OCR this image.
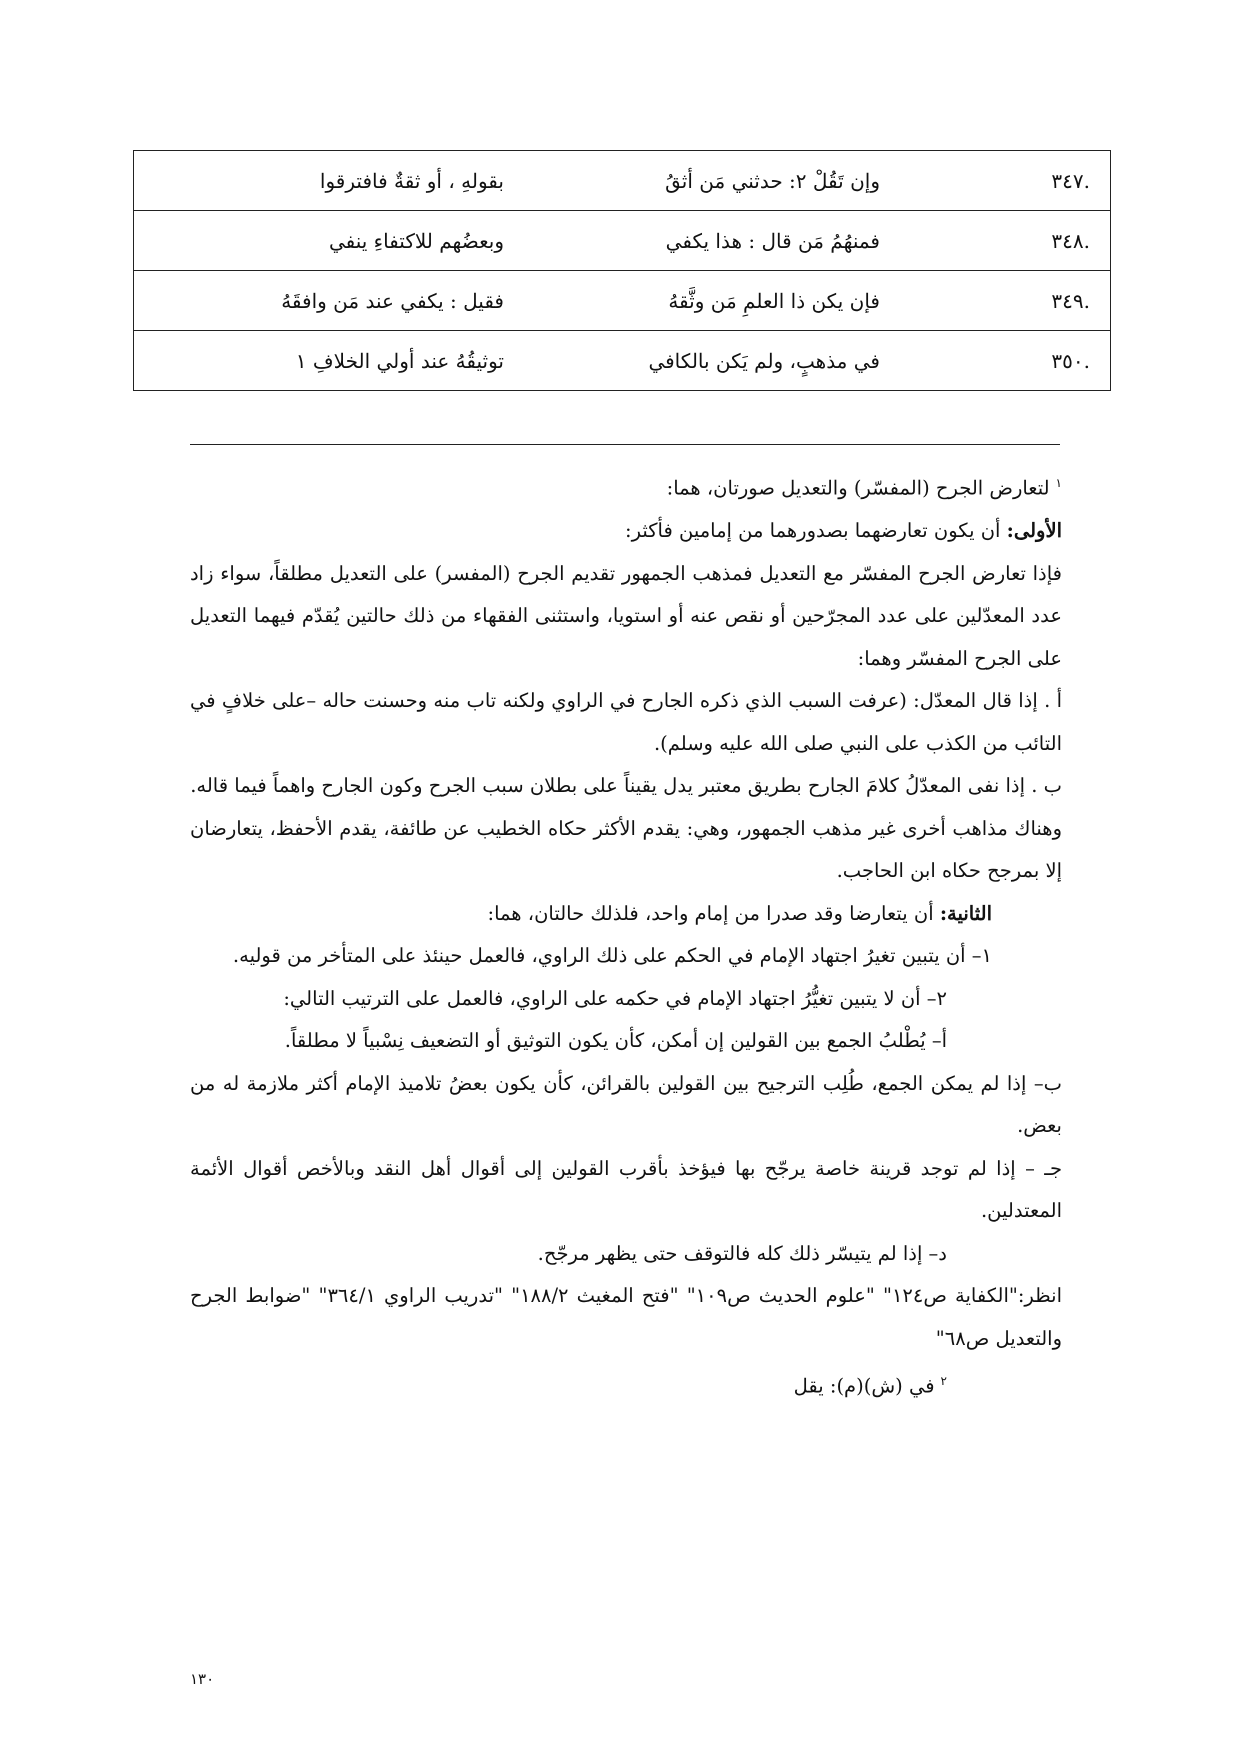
.٣٤٧	وإن تَقُلْ ٢: حدثني مَن أثقُ	بقولهِ ، أو ثقةٌ فافترقوا
.٣٤٨	فمنهُمُ مَن قال : هذا يكفي	وبعضُهم للاكتفاءِ ينفي
.٣٤٩	فإن يكن ذا العلمِ مَن وثَّقهُ	فقيل : يكفي عند مَن وافقَهُ
.٣٥٠	في مذهبٍ، ولم يَكن بالكافي	توثيقُهُ عند أولي الخلافِ ١

$^١$لتعارض الجرح (المفسّر) والتعديل صورتان، هما:

الأولى: أن يكون تعارضهما بصدورهما من إمامين فأكثر:

فإذا تعارض الجرح المفسّر مع التعديل فمذهب الجمهور تقديم الجرح (المفسر) على التعديل مطلقاً، سواء زاد عدد المعدّلين على عدد المجرّحين أو نقص عنه أو استويا، واستثنى الفقهاء من ذلك حالتين يُقدّم فيهما التعديل على الجرح المفسّر وهما:

أ . إذا قال المعدّل: (عرفت السبب الذي ذكره الجارح في الراوي ولكنه تاب منه وحسنت حاله –على خلافٍ في التائب من الكذب على النبي صلى الله عليه وسلم).

ب . إذا نفى المعدّلُ كلامَ الجارح بطريق معتبر يدل يقيناً على بطلان سبب الجرح وكون الجارح واهماً فيما قاله.

وهناك مذاهب أخرى غير مذهب الجمهور، وهي: يقدم الأكثر حكاه الخطيب عن طائفة، يقدم الأحفظ، يتعارضان إلا بمرجح حكاه ابن الحاجب.

الثانية: أن يتعارضا وقد صدرا من إمام واحد، فلذلك حالتان، هما:

١– أن يتبين تغيرُ اجتهاد الإمام في الحكم على ذلك الراوي، فالعمل حينئذ على المتأخر من قوليه.

٢– أن لا يتبين تغيُّرُ اجتهاد الإمام في حكمه على الراوي، فالعمل على الترتيب التالي:

أ– يُطْلبُ الجمع بين القولين إن أمكن، كأن يكون التوثيق أو التضعيف نِسْبياً لا مطلقاً.

ب– إذا لم يمكن الجمع، طُلِب الترجيح بين القولين بالقرائن، كأن يكون بعضُ تلاميذ الإمام أكثر ملازمة له من بعض.

جـ – إذا لم توجد قرينة خاصة يرجّح بها فيؤخذ بأقرب القولين إلى أقوال أهل النقد وبالأخص أقوال الأئمة المعتدلين.

د– إذا لم يتيسّر ذلك كله فالتوقف حتى يظهر مرجّح.

انظر:"الكفاية ص١٢٤" "علوم الحديث ص١٠٩" "فتح المغيث ١٨٨/٢" "تدريب الراوي ٣٦٤/١" "ضوابط الجرح والتعديل ص٦٨"

$^٢$في (ش)(م): يقل

١٣٠
